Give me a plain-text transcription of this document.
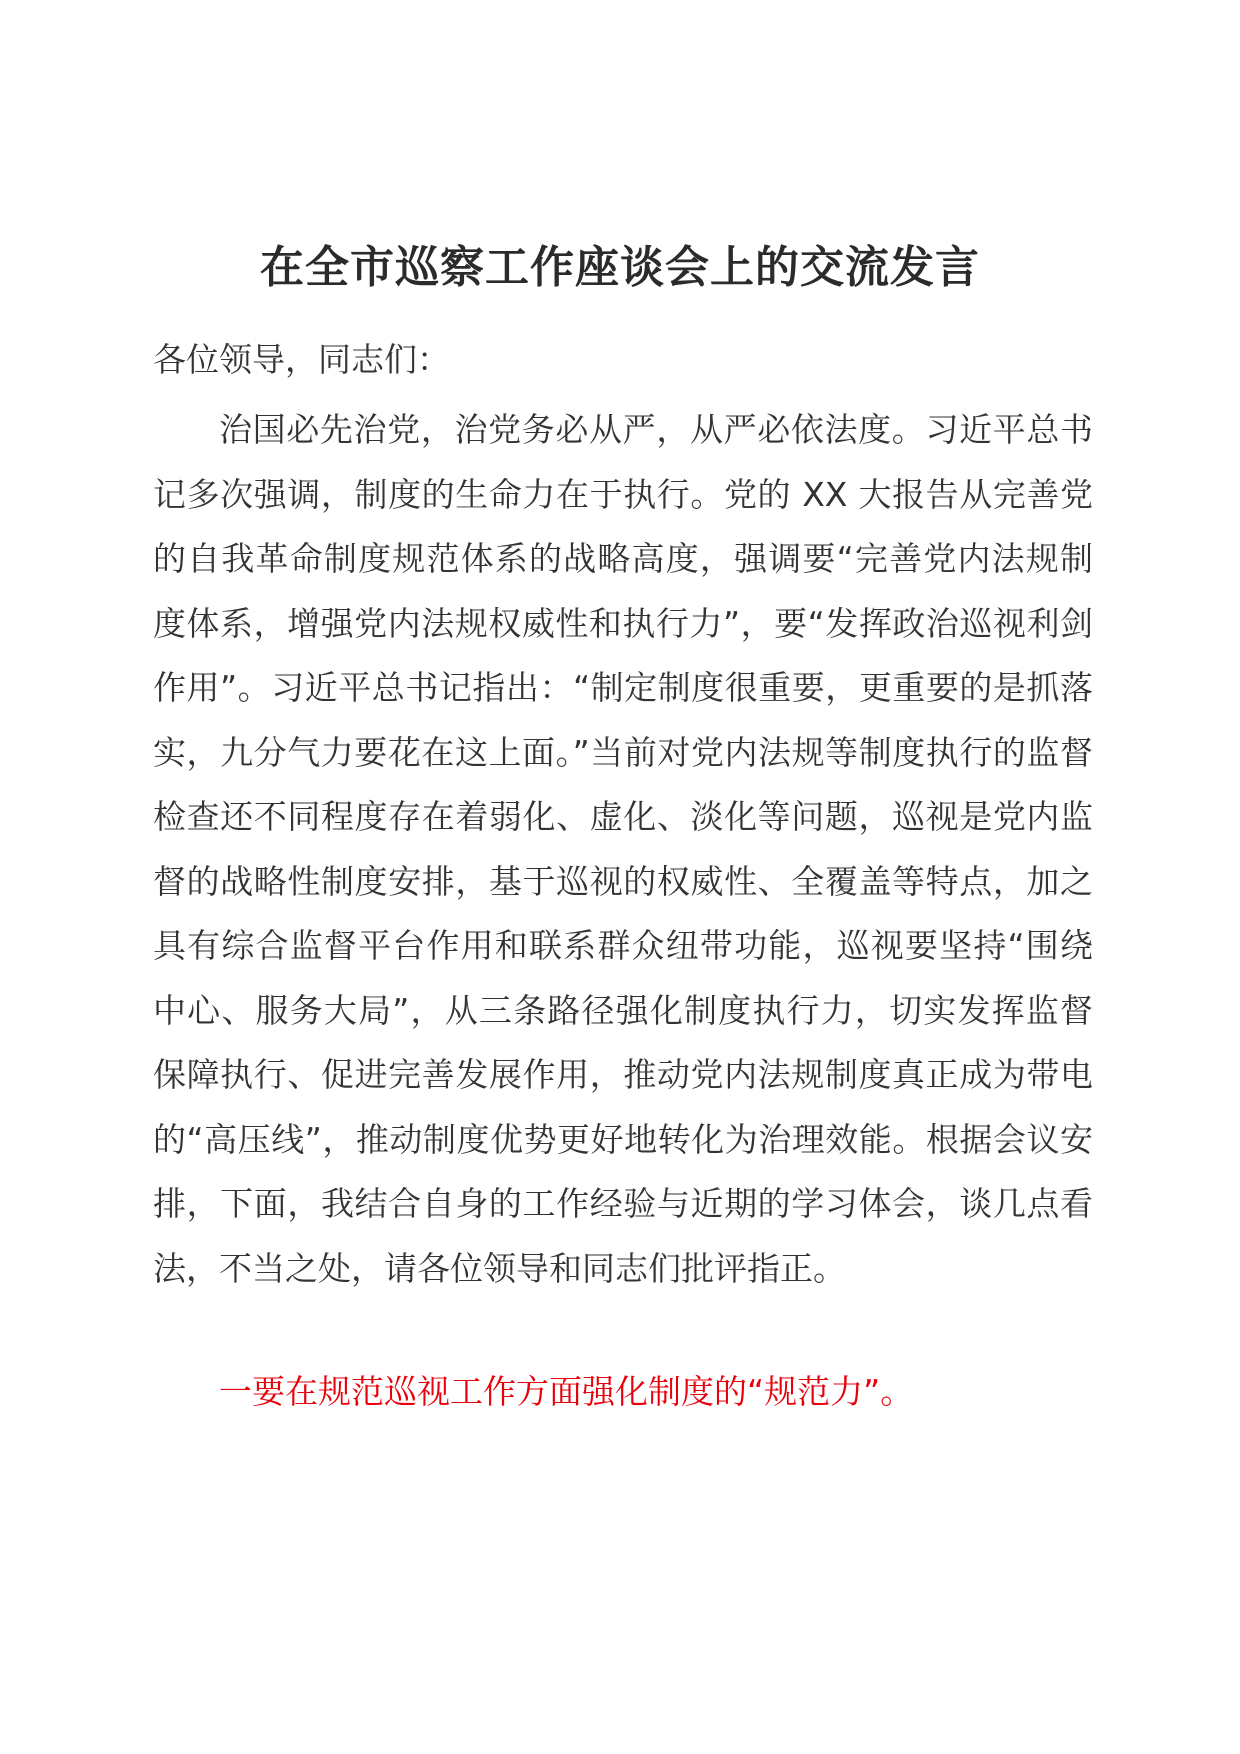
在全市巡察工作座谈会上的交流发言
各位领导，同志们：
治国必先治党，治党务必从严，从严必依法度。习近平总书记多次强调，制度的生命力在于执行。党的 XX 大报告从完善党的自我革命制度规范体系的战略高度，强调要“完善党内法规制度体系，增强党内法规权威性和执行力”，要“发挥政治巡视利剑作用”。习近平总书记指出：“制定制度很重要，更重要的是抓落实，九分气力要花在这上面。”当前对党内法规等制度执行的监督检查还不同程度存在着弱化、虚化、淡化等问题，巡视是党内监督的战略性制度安排，基于巡视的权威性、全覆盖等特点，加之具有综合监督平台作用和联系群众纽带功能，巡视要坚持“围绕中心、服务大局”，从三条路径强化制度执行力，切实发挥监督保障执行、促进完善发展作用，推动党内法规制度真正成为带电的“高压线”，推动制度优势更好地转化为治理效能。根据会议安排，下面，我结合自身的工作经验与近期的学习体会，谈几点看法，不当之处，请各位领导和同志们批评指正。
一要在规范巡视工作方面强化制度的“规范力”。
